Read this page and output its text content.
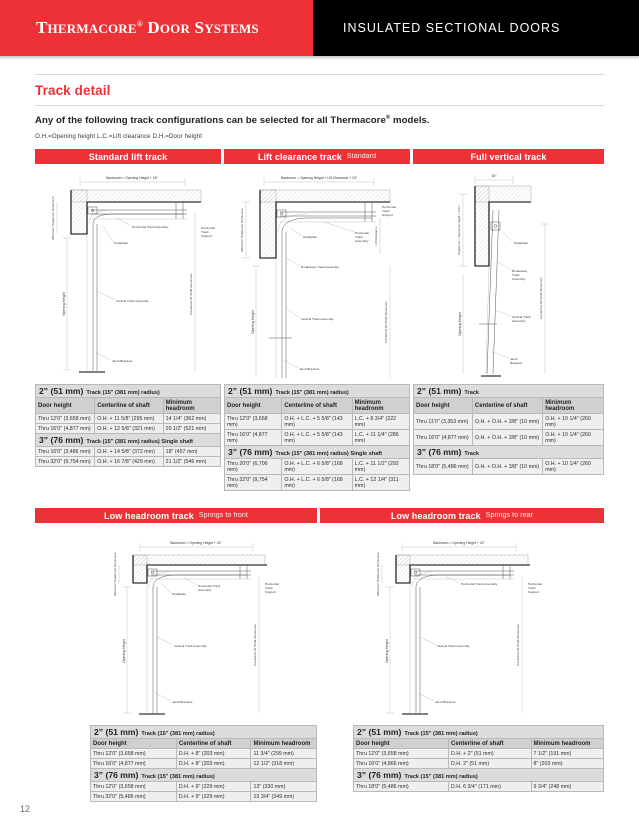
THERMACORE® DOOR SYSTEMS	INSULATED SECTIONAL DOORS
Track detail
Any of the following track configurations can be selected for all Thermacore® models.
O.H.=Opening height L.C.=Lift clearance D.H.=Door height
Standard lift track	Lift clearance track Standard	Full vertical track
Backroom = Opening Height + 18"
Opening Height
Minimum Headroom Dimension
Centerline Of Shaft Dimension
Horizontal Track Assembly
Headplate
Horizontal Track Support
Vertical Track Assembly
Jamb Brackets
Backroom = Opening Height + Lift Clearance + 24"
Opening Height
Minimum Headroom Dimension	Lift Clearance
Centerline Of Shaft Dimension
Horizontal Track Support
Headplate
Horizontal Track Assembly
Breakaway Track Assembly
Vertical Track Assembly
Jamb Brackets
18"
Headroom = Opening Height + 10¼"
Opening Height
Centerline Of Shaft Dimension
Headplate
Breakaway Track Assembly
Vertical Track Assembly
Jamb Brackets
2” (51 mm) Track (15” (381 mm) radius)		
Door height	Centerline of shaft	Minimum headroom
Thru 12'0" (3,658 mm)	O.H. + 11 5/8" (295 mm)	14 1/4" (362 mm)
Thru 16'0" (4,877 mm)	O.H. + 12 5/8" (321 mm)	20 1/2" (521 mm)
3” (76 mm) Track (15” (381 mm) radius) Single shaft		
Thru 16'0" (3,486 mm)	O.H. + 14 5/8" (372 mm)	18" (457 mm)
Thru 32'0" (9,754 mm)	O.H. + 16 7/8" (429 mm)	21 1/2" (546 mm)
2” (51 mm) Track (15” (381 mm) radius)		
Door height	Centerline of shaft	Minimum headroom
Thru 12'0" (3,658 mm)	O.H. + L.C. + 5 5/8" (143 mm)	L.C. + 8 3/4" (222 mm)
Thru 16'0" (4,877 mm)	O.H. + L.C. + 5 5/8" (143 mm)	L.C. + 11 1/4" (286 mm)
3” (76 mm) Track (15” (381 mm) radius) Single shaft		
Thru 20'0" (6,706 mm)	O.H. + L.C. + 6 5/8" (168 mm)	L.C. + 11 1/2" (292 mm)
Thru 32'0" (9,754 mm)	O.H. + L.C. + 6 5/8" (168 mm)	L.C. + 12 1/4" (311 mm)
2” (51 mm) Track		
Door height	Centerline of shaft	Minimum headroom
Thru 11'0" (3,353 mm)	O.H. + O.H. + 3/8" (10 mm)	O.H. + 10 1/4" (260 mm)
Thru 16'0" (4,877 mm)	O.H. + O.H. + 3/8" (10 mm)	O.H. + 10 1/4" (260 mm)
3” (76 mm) Track		
Thru 18'0" (5,486 mm)	O.H. + O.H. + 3/8" (10 mm)	O.H. + 10 1/4" (260 mm)
Low headroom track Springs to front	Low headroom track Springs to rear
Backroom = Opening Height + 24"
Opening Height
Minimum Headroom Dimension
Centerline Of Shaft Dimension
Horizontal Track Assembly
Headplate
Horizontal Track Support
Vertical Track Assembly
Jamb Brackets
Backroom = Opening Height + 24"
Opening Height
Minimum Headroom Dimension
Centerline Of Shaft Dimension
Horizontal Track Assembly	Horizontal Track Support
Vertical Track Assembly
Jamb Brackets
2” (51 mm) Track (15” (381 mm) radius)		
Door height	Centerline of shaft	Minimum headroom
Thru 12'0" (3,658 mm)	D.H. + 8" (203 mm)	11 3/4" (299 mm)
Thru 16'0" (4,877 mm)	D.H. + 8" (203 mm)	12 1/2" (318 mm)
3” (76 mm) Track (15” (381 mm) radius)		
Thru 12'0" (3,658 mm)	D.H. + 9" (229 mm)	13" (330 mm)
Thru 32'0" (5,486 mm)	D.H. + 9" (229 mm)	13 3/4" (349 mm)
2” (51 mm) Track (15” (381 mm) radius)		
Door height	Centerline of shaft	Minimum headroom
Thru 12'0" (3,658 mm)	D.H. + 2" (51 mm)	7 1/2" (191 mm)
Thru 16'0" (4,866 mm)	D.H. 2" (51 mm)	8" (203 mm)
3” (76 mm) Track (15” (381 mm) radius)		
Thru 18'0" (5,486 mm)	D.H. 6 3/4" (171 mm)	9 3/4" (248 mm)
12
